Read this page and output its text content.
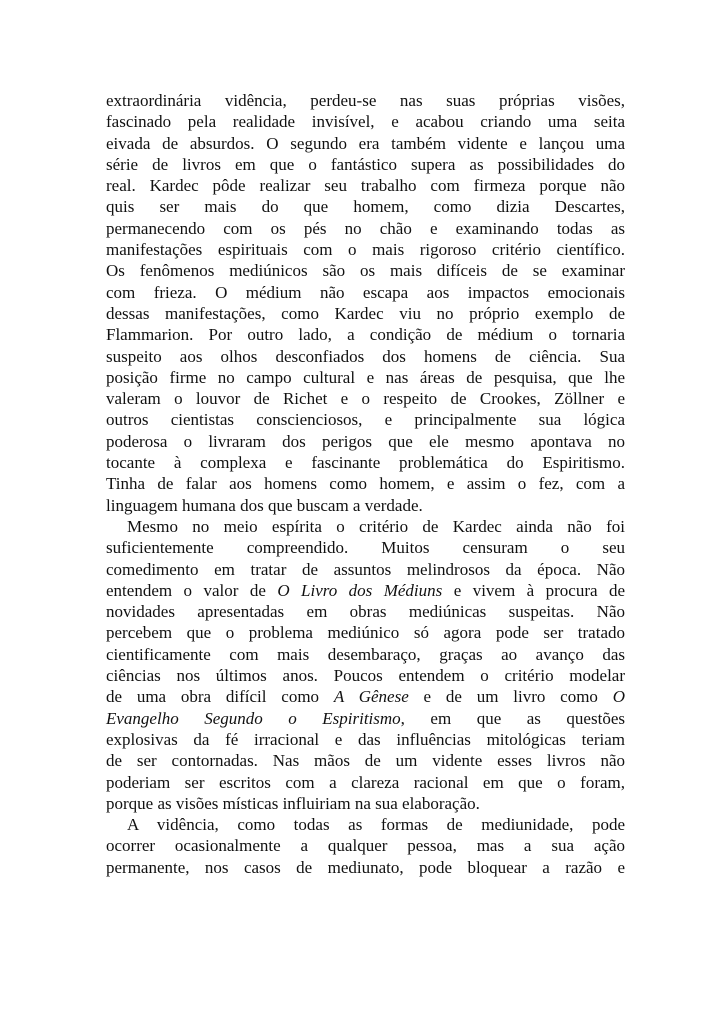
extraordinária vidência, perdeu-se nas suas próprias visões,
fascinado pela realidade invisível, e acabou criando uma seita
eivada de absurdos. O segundo era também vidente e lançou uma
série de livros em que o fantástico supera as possibilidades do
real. Kardec pôde realizar seu trabalho com firmeza porque não
quis ser mais do que homem, como dizia Descartes,
permanecendo com os pés no chão e examinando todas as
manifestações espirituais com o mais rigoroso critério científico.
Os fenômenos mediúnicos são os mais difíceis de se examinar
com frieza. O médium não escapa aos impactos emocionais
dessas manifestações, como Kardec viu no próprio exemplo de
Flammarion. Por outro lado, a condição de médium o tornaria
suspeito aos olhos desconfiados dos homens de ciência. Sua
posição firme no campo cultural e nas áreas de pesquisa, que lhe
valeram o louvor de Richet e o respeito de Crookes, Zöllner e
outros cientistas conscienciosos, e principalmente sua lógica
poderosa o livraram dos perigos que ele mesmo apontava no
tocante à complexa e fascinante problemática do Espiritismo.
Tinha de falar aos homens como homem, e assim o fez, com a
linguagem humana dos que buscam a verdade.
Mesmo no meio espírita o critério de Kardec ainda não foi
suficientemente compreendido. Muitos censuram o seu
comedimento em tratar de assuntos melindrosos da época. Não
entendem o valor de O Livro dos Médiuns e vivem à procura de
novidades apresentadas em obras mediúnicas suspeitas. Não
percebem que o problema mediúnico só agora pode ser tratado
cientificamente com mais desembaraço, graças ao avanço das
ciências nos últimos anos. Poucos entendem o critério modelar
de uma obra difícil como A Gênese e de um livro como O
Evangelho Segundo o Espiritismo, em que as questões
explosivas da fé irracional e das influências mitológicas teriam
de ser contornadas. Nas mãos de um vidente esses livros não
poderiam ser escritos com a clareza racional em que o foram,
porque as visões místicas influiriam na sua elaboração.
A vidência, como todas as formas de mediunidade, pode
ocorrer ocasionalmente a qualquer pessoa, mas a sua ação
permanente, nos casos de mediunato, pode bloquear a razão e
